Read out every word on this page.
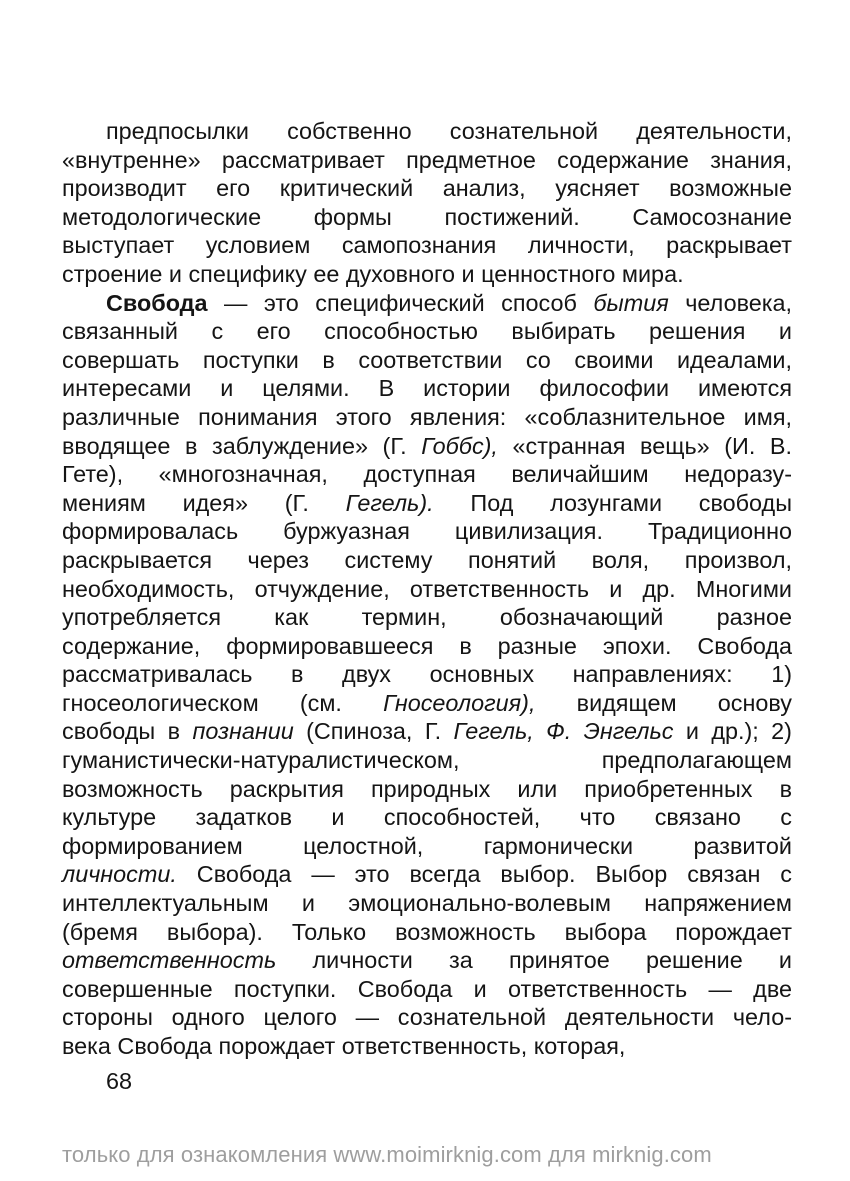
предпосылки собственно сознательной деятельности,
«внутренне» рассматривает предметное содержание знания,
производит его критический анализ, уясняет возможные
методологические формы постижений. Самосознание
выступает условием самопознания личности, раскрывает
строение и специфику ее духовного и ценностного мира.
Свобода — это специфический способ бытия человека,
связанный с его способностью выбирать решения и
совершать поступки в соответствии со своими идеалами,
интересами и целями. В истории философии имеются
различные понимания этого явления: «соблазнительное имя,
вводящее в заблуждение» (Г. Гоббс), «странная вещь» (И. В.
Гете), «многозначная, доступная величайшим недоразу-
мениям идея» (Г. Гегель). Под лозунгами свободы
формировалась буржуазная цивилизация. Традиционно
раскрывается через систему понятий воля, произвол,
необходимость, отчуждение, ответственность и др. Многими
употребляется как термин, обозначающий разное
содержание, формировавшееся в разные эпохи. Свобода
рассматривалась в двух основных направлениях: 1)
гносеологическом (см. Гносеология), видящем основу
свободы в познании (Спиноза, Г. Гегель, Ф. Энгельс и др.); 2)
гуманистически-натуралистическом, предполагающем
возможность раскрытия природных или приобретенных в
культуре задатков и способностей, что связано с
формированием целостной, гармонически развитой
личности. Свобода — это всегда выбор. Выбор связан с
интеллектуальным и эмоционально-волевым напряжением
(бремя выбора). Только возможность выбора порождает
ответственность личности за принятое решение и
совершенные поступки. Свобода и ответственность — две
стороны одного целого — сознательной деятельности чело-
века Свобода порождает ответственность, которая,
68
только для ознакомления www.moimirknig.com для mirknig.com
